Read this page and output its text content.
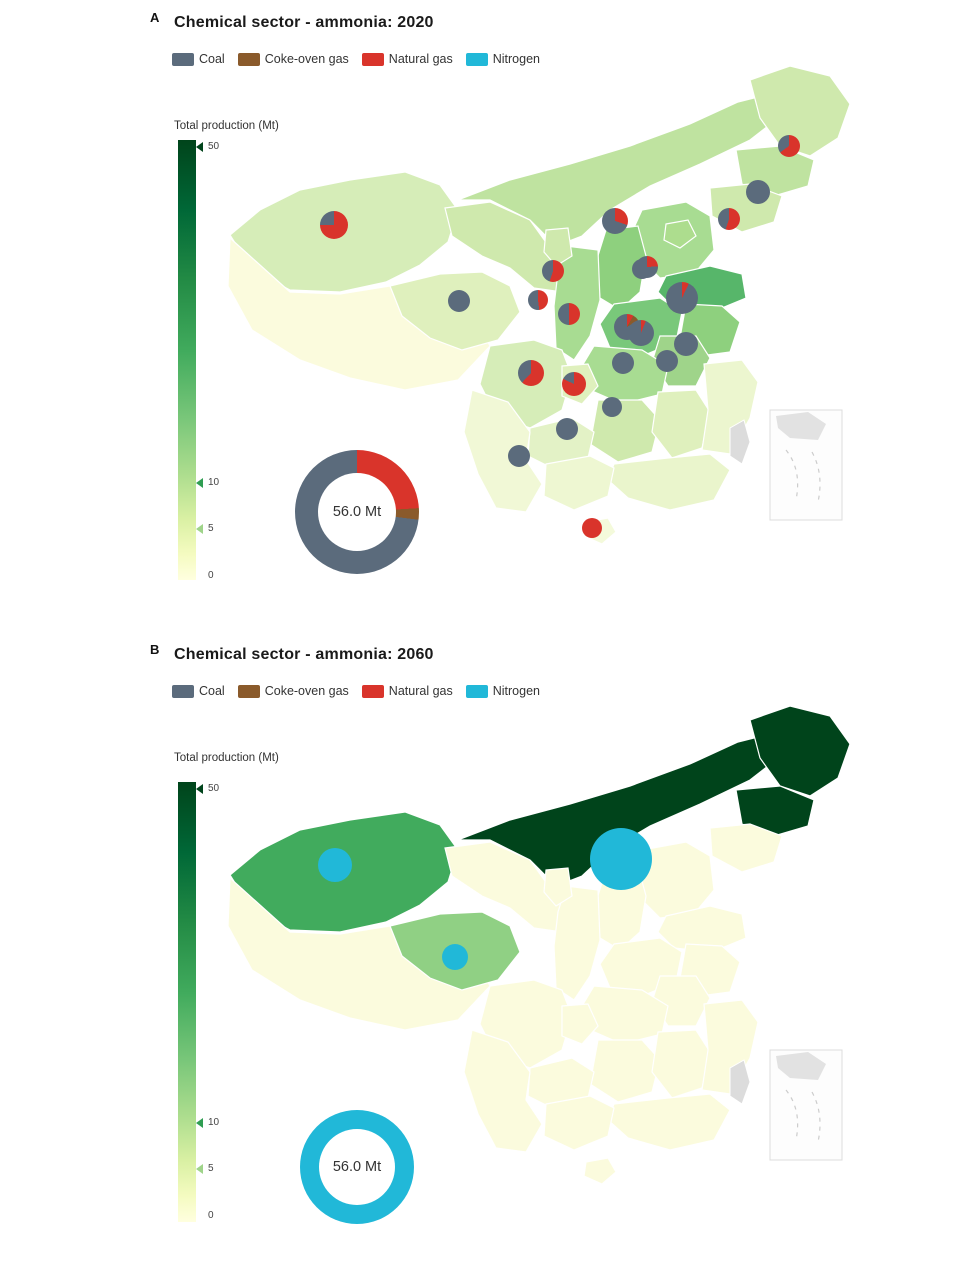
A Chemical sector - ammonia: 2020
Coal	Coke-oven gas	Natural gas	Nitrogen
Total production (Mt)
50
10
5
0
56.0 Mt
B Chemical sector - ammonia: 2060
Coal	Coke-oven gas	Natural gas	Nitrogen
Total production (Mt)
50
10
5
0
56.0 Mt
